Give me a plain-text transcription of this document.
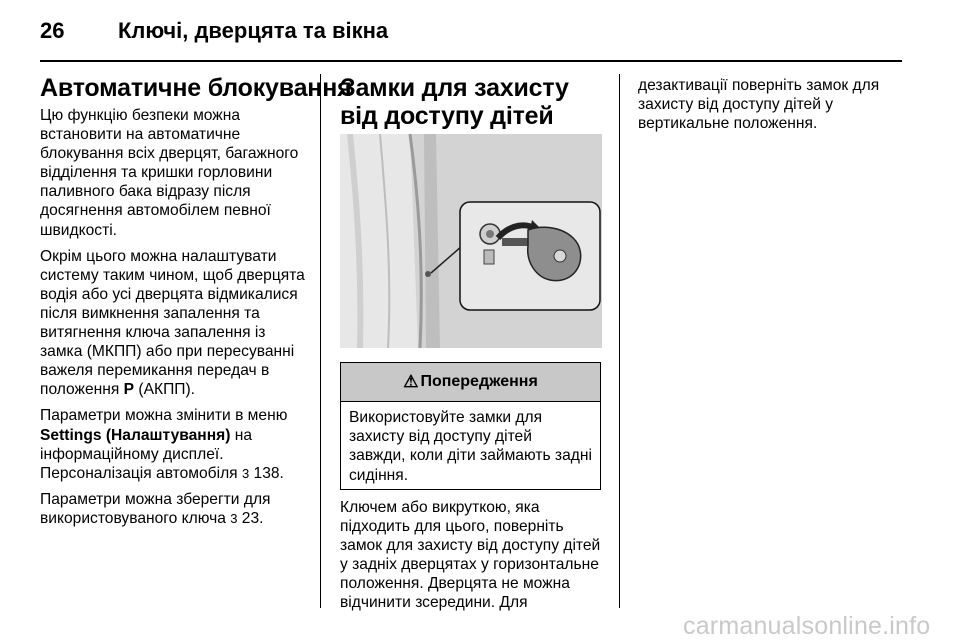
26 Ключі, дверцята та вікна
Автоматичне блокування

Цю функцію безпеки можна встановити на автоматичне блокування всіх дверцят, багажного відділення та кришки горловини паливного бака відразу після досягнення автомобілем певної швидкості.

Окрім цього можна налаштувати систему таким чином, щоб дверцята водія або усі дверцята відмикалися після вимкнення запалення та витягнення ключа запалення із замка (МКПП) або при пересуванні важеля перемикання передач в положення P (АКПП).

Параметри можна змінити в меню Settings (Налаштування) на інформаційному дисплеї. Персоналізація автомобіля 3 138.

Параметри можна зберегти для використовуваного ключа 3 23.

Замки для захисту від доступу дітей
⚠ Попередження
Використовуйте замки для захисту від доступу дітей завжди, коли діти займають задні сидіння.

Ключем або викруткою, яка підходить для цього, поверніть замок для захисту від доступу дітей у задніх дверцятах у горизонтальне положення. Дверцята не можна відчинити зсередини. Для

дезактивації поверніть замок для захисту від доступу дітей у вертикальне положення.

carmanualsonline.info
